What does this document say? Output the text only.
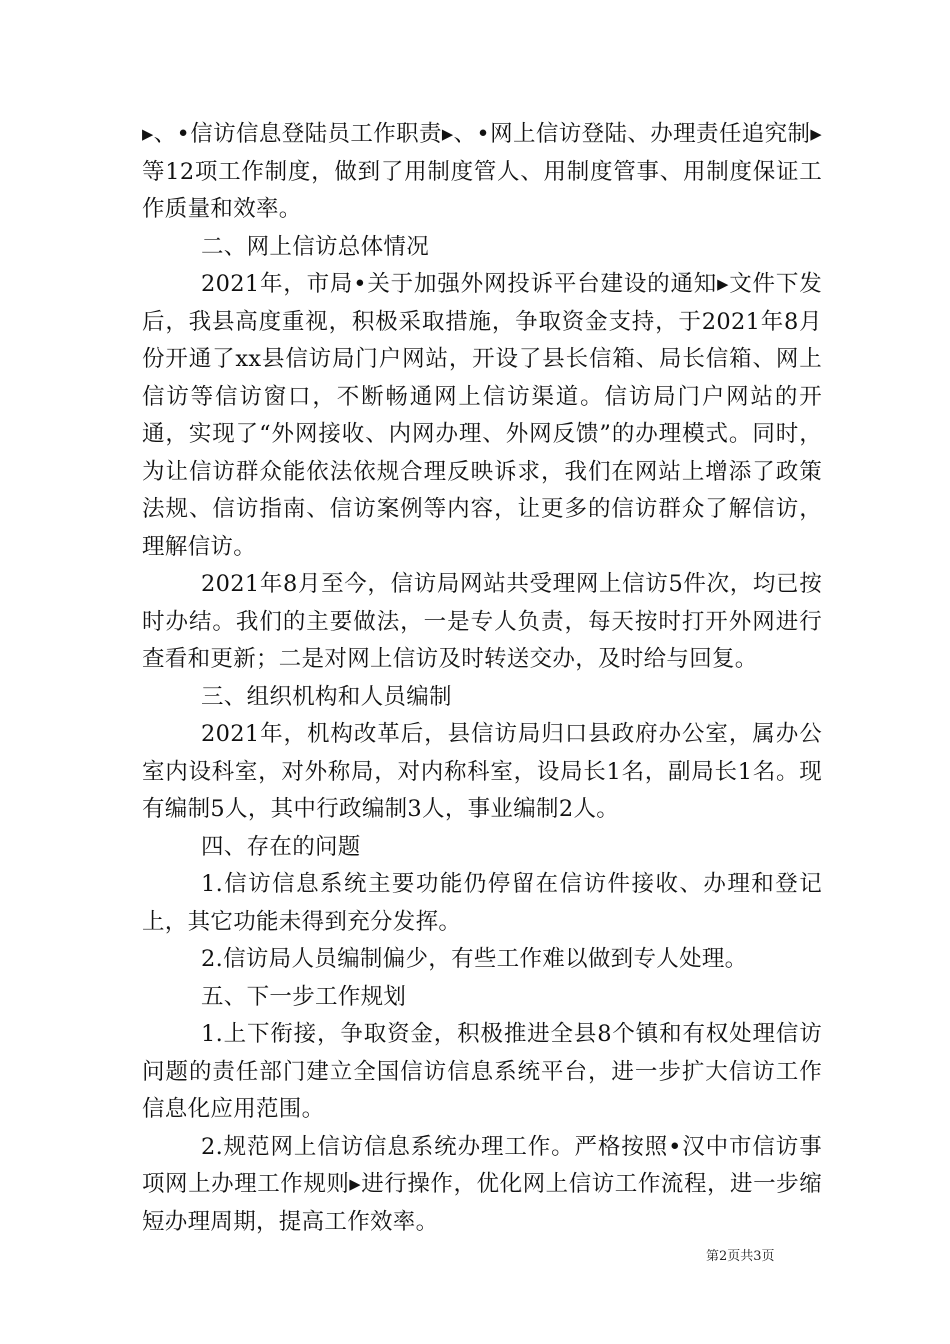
▸、•信访信息登陆员工作职责▸、•网上信访登陆、办理责任追究制▸等12项工作制度，做到了用制度管人、用制度管事、用制度保证工作质量和效率。

二、网上信访总体情况

2021年，市局•关于加强外网投诉平台建设的通知▸文件下发后，我县高度重视，积极采取措施，争取资金支持，于2021年8月份开通了xx县信访局门户网站，开设了县长信箱、局长信箱、网上信访等信访窗口，不断畅通网上信访渠道。信访局门户网站的开通，实现了“外网接收、内网办理、外网反馈”的办理模式。同时，为让信访群众能依法依规合理反映诉求，我们在网站上增添了政策法规、信访指南、信访案例等内容，让更多的信访群众了解信访，理解信访。

2021年8月至今，信访局网站共受理网上信访5件次，均已按时办结。我们的主要做法，一是专人负责，每天按时打开外网进行查看和更新；二是对网上信访及时转送交办，及时给与回复。

三、组织机构和人员编制

2021年，机构改革后，县信访局归口县政府办公室，属办公室内设科室，对外称局，对内称科室，设局长1名，副局长1名。现有编制5人，其中行政编制3人，事业编制2人。

四、存在的问题

1.信访信息系统主要功能仍停留在信访件接收、办理和登记上，其它功能未得到充分发挥。

2.信访局人员编制偏少，有些工作难以做到专人处理。

五、下一步工作规划

1.上下衔接，争取资金，积极推进全县8个镇和有权处理信访问题的责任部门建立全国信访信息系统平台，进一步扩大信访工作信息化应用范围。

2.规范网上信访信息系统办理工作。严格按照•汉中市信访事项网上办理工作规则▸进行操作，优化网上信访工作流程，进一步缩短办理周期，提高工作效率。

第2页共3页
